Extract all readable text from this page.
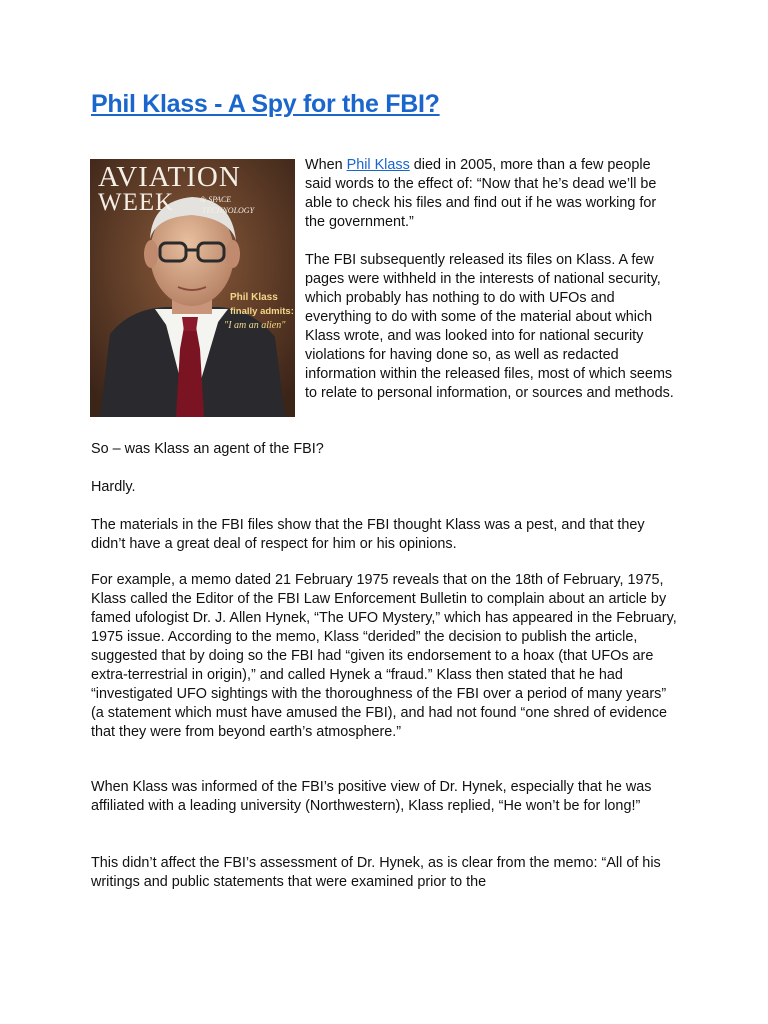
Phil Klass - A Spy for the FBI?
AVIATION
WEEK	& SPACE
TECHNOLOGY
Phil Klass
finally admits:
"I am an alien"

When Phil Klass died in 2005, more than a few people said words to the effect of: “Now that he’s dead we’ll be able to check his files and find out if he was working for the government.”

The FBI subsequently released its files on Klass. A few pages were withheld in the interests of national security, which probably has nothing to do with UFOs and everything to do with some of the material about which Klass wrote, and was looked into for national security violations for having done so, as well as redacted information within the released files, most of which seems to relate to personal information, or sources and methods.

So – was Klass an agent of the FBI?

Hardly.

The materials in the FBI files show that the FBI thought Klass was a pest, and that they didn’t have a great deal of respect for him or his opinions.

For example, a memo dated 21 February 1975 reveals that on the 18th of February, 1975, Klass called the Editor of the FBI Law Enforcement Bulletin to complain about an article by famed ufologist Dr. J. Allen Hynek, “The UFO Mystery,” which has appeared in the February, 1975 issue. According to the memo, Klass “derided” the decision to publish the article, suggested that by doing so the FBI had “given its endorsement to a hoax (that UFOs are extra-terrestrial in origin),” and called Hynek a “fraud.” Klass then stated that he had “investigated UFO sightings with the thoroughness of the FBI over a period of many years” (a statement which must have amused the FBI), and had not found “one shred of evidence that they were from beyond earth’s atmosphere.”

When Klass was informed of the FBI’s positive view of Dr. Hynek, especially that he was affiliated with a leading university (Northwestern), Klass replied, “He won’t be for long!”

This didn’t affect the FBI’s assessment of Dr. Hynek, as is clear from the memo: “All of his writings and public statements that were examined prior to the
